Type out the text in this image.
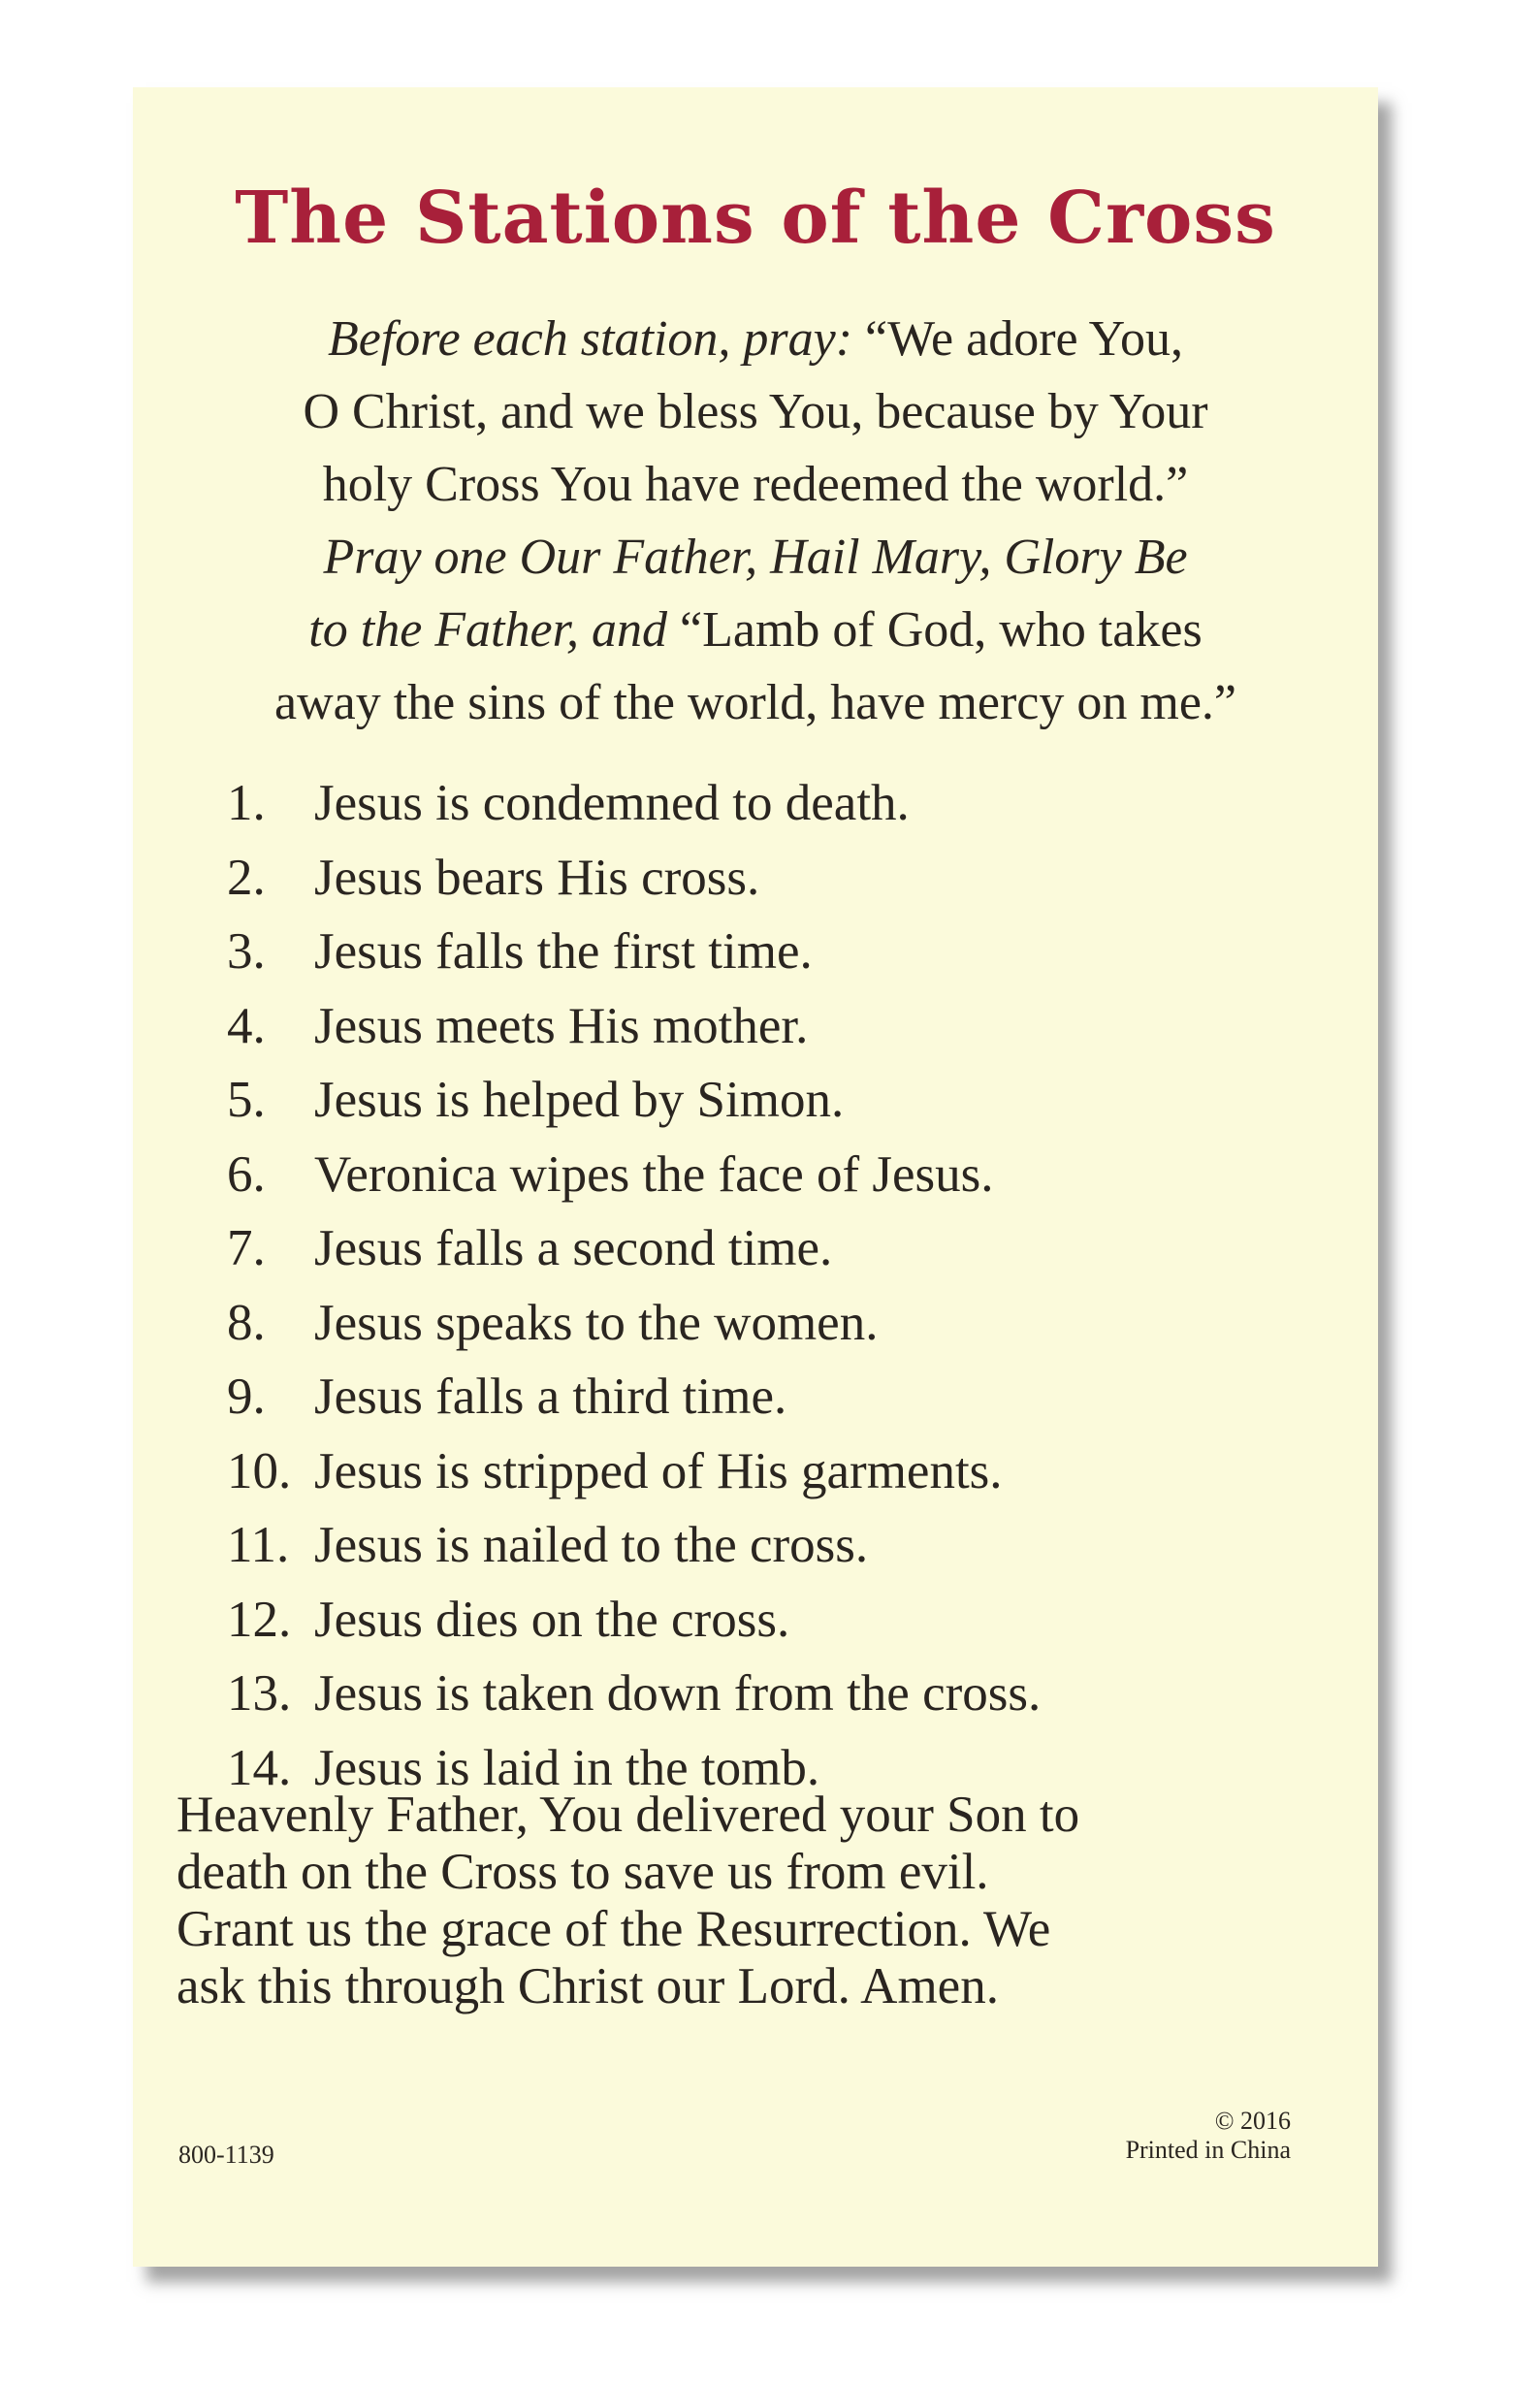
The Stations of the Cross
Before each station, pray: “We adore You,
O Christ, and we bless You, because by Your
holy Cross You have redeemed the world.”
Pray one Our Father, Hail Mary, Glory Be
to the Father, and “Lamb of God, who takes
away the sins of the world, have mercy on me.”
1. Jesus is condemned to death.
2. Jesus bears His cross.
3. Jesus falls the first time.
4. Jesus meets His mother.
5. Jesus is helped by Simon.
6. Veronica wipes the face of Jesus.
7. Jesus falls a second time.
8. Jesus speaks to the women.
9. Jesus falls a third time.
10. Jesus is stripped of His garments.
11. Jesus is nailed to the cross.
12. Jesus dies on the cross.
13. Jesus is taken down from the cross.
14. Jesus is laid in the tomb.
Heavenly Father, You delivered your Son to
death on the Cross to save us from evil.
Grant us the grace of the Resurrection. We
ask this through Christ our Lord. Amen.
800-1139
© 2016
Printed in China
